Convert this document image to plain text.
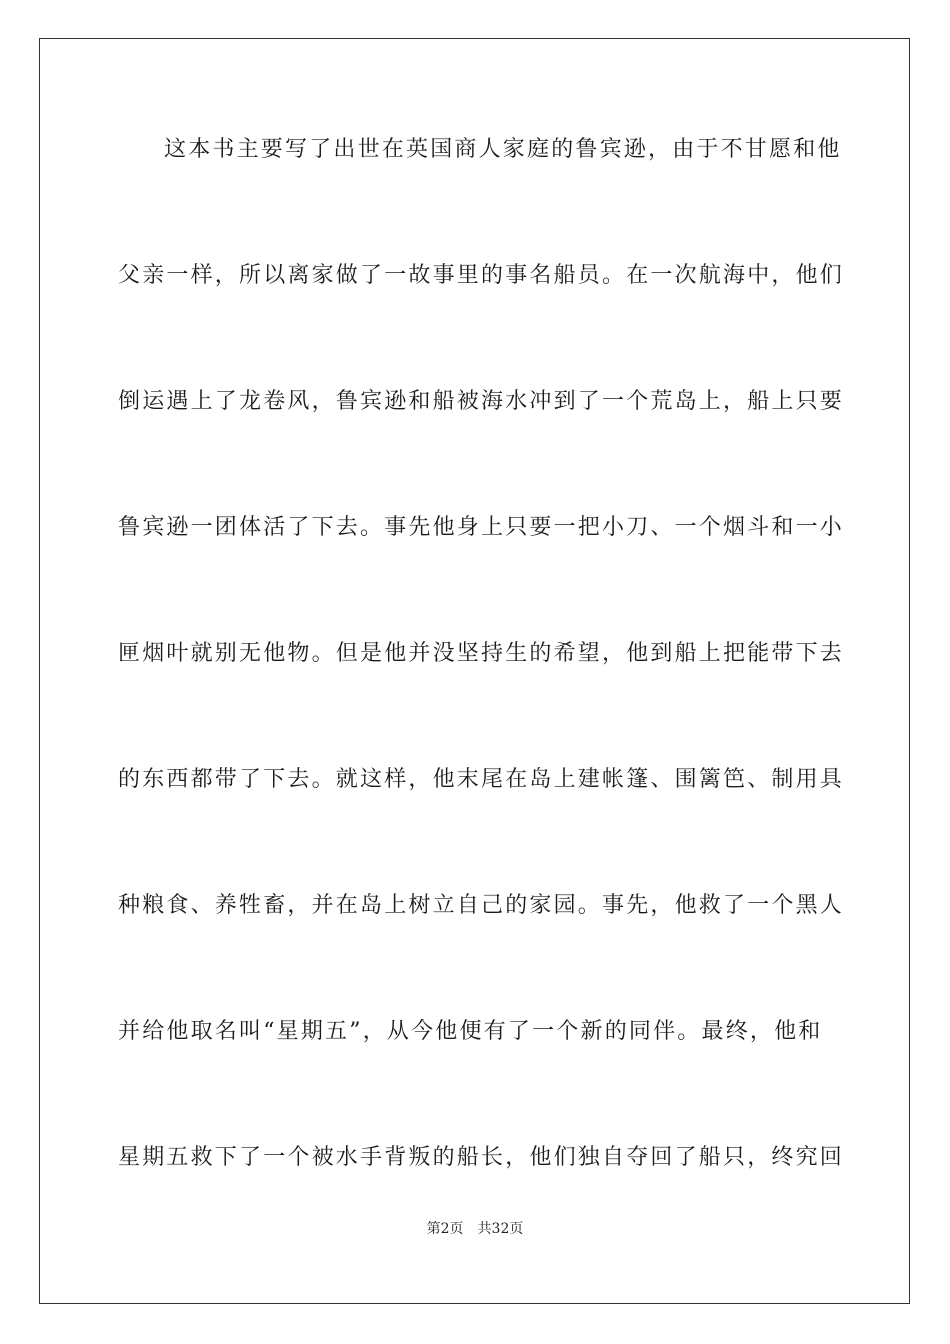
这本书主要写了出世在英国商人家庭的鲁宾逊，由于不甘愿和他
父亲一样，所以离家做了一故事里的事名船员。在一次航海中，他们
倒运遇上了龙卷风，鲁宾逊和船被海水冲到了一个荒岛上，船上只要
鲁宾逊一团体活了下去。事先他身上只要一把小刀、一个烟斗和一小
匣烟叶就别无他物。但是他并没坚持生的希望，他到船上把能带下去
的东西都带了下去。就这样，他末尾在岛上建帐篷、围篱笆、制用具
种粮食、养牲畜，并在岛上树立自己的家园。事先，他救了一个黑人
并给他取名叫“星期五”，从今他便有了一个新的同伴。最终，他和
星期五救下了一个被水手背叛的船长，他们独自夺回了船只，终究回
第2页 共32页
